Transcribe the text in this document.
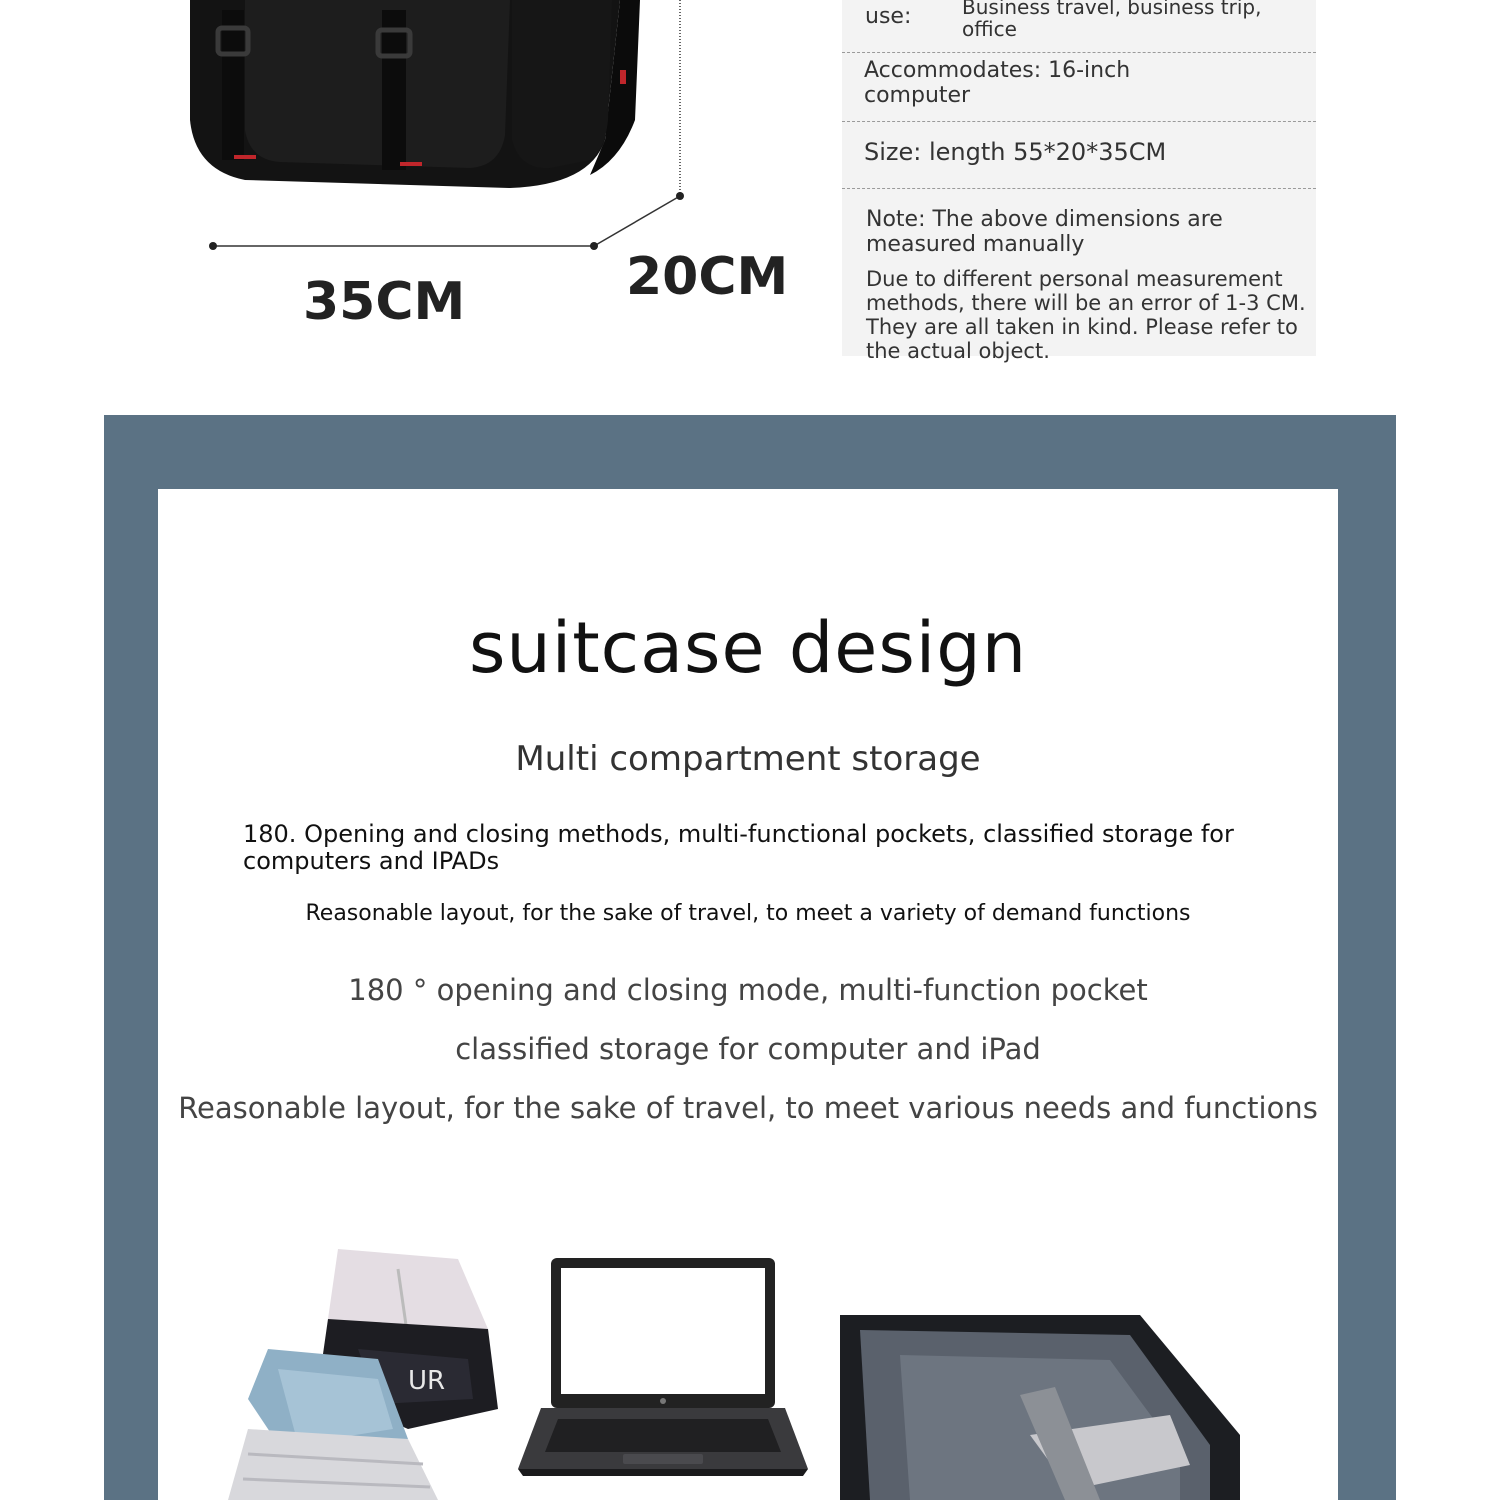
35CM	20CM
use:	Business travel, business trip, office
Accommodates: 16-inch computer
Size: length 55*20*35CM
Note: The above dimensions are measured manually
Due to different personal measurement methods, there will be an error of 1-3 CM. They are all taken in kind. Please refer to the actual object.
suitcase design
Multi compartment storage
180. Opening and closing methods, multi-functional pockets, classified storage for computers and IPADs
Reasonable layout, for the sake of travel, to meet a variety of demand functions
180 ° opening and closing mode, multi-function pocket
classified storage for computer and iPad
Reasonable layout, for the sake of travel, to meet various needs and functions
UR
